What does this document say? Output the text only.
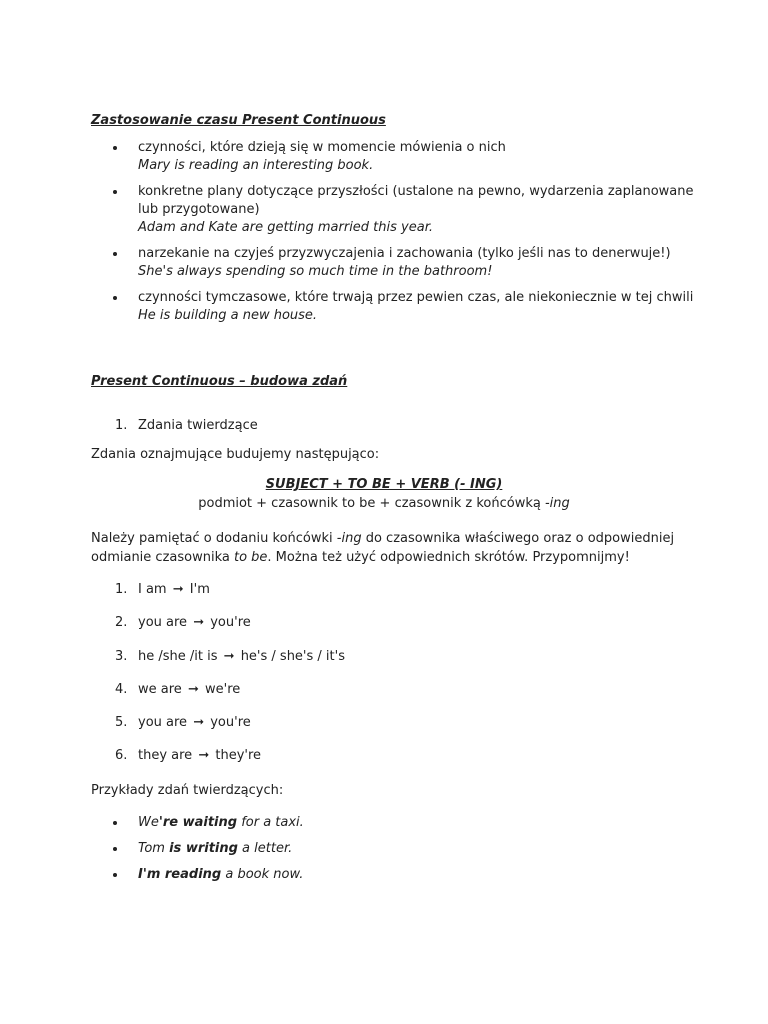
Zastosowanie czasu Present Continuous
czynności, które dzieją się w momencie mówienia o nich
Mary is reading an interesting book.
konkretne plany dotyczące przyszłości (ustalone na pewno, wydarzenia zaplanowane lub przygotowane)
Adam and Kate are getting married this year.
narzekanie na czyjeś przyzwyczajenia i zachowania (tylko jeśli nas to denerwuje!)
She's always spending so much time in the bathroom!
czynności tymczasowe, które trwają przez pewien czas, ale niekoniecznie w tej chwili
He is building a new house.
Present Continuous – budowa zdań
1. Zdania twierdzące
Zdania oznajmujące budujemy następująco:
SUBJECT + TO BE + VERB (- ING)
podmiot + czasownik to be + czasownik z końcówką -ing
Należy pamiętać o dodaniu końcówki -ing do czasownika właściwego oraz o odpowiedniej odmianie czasownika to be. Można też użyć odpowiednich skrótów. Przypomnijmy!
1. I am ➞ I'm
2. you are ➞ you're
3. he /she /it is ➞ he's / she's / it's
4. we are ➞ we're
5. you are ➞ you're
6. they are ➞ they're
Przykłady zdań twierdzących:
We're waiting for a taxi.
Tom is writing a letter.
I'm reading a book now.
